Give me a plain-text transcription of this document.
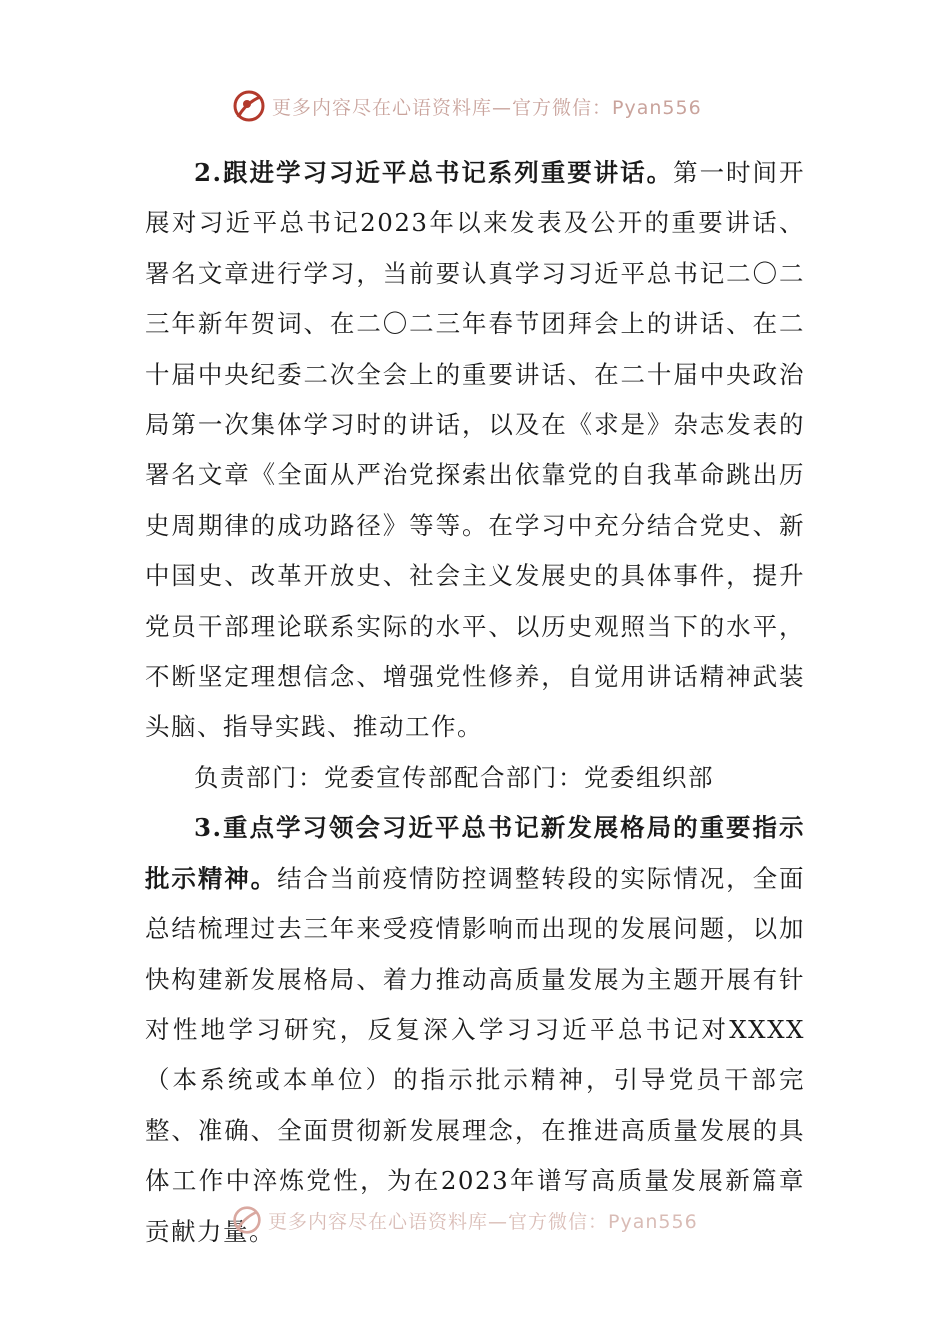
更多内容尽在心语资料库—官方微信：Pyan556

2.跟进学习习近平总书记系列重要讲话。第一时间开展对习近平总书记2023年以来发表及公开的重要讲话、署名文章进行学习，当前要认真学习习近平总书记二〇二三年新年贺词、在二〇二三年春节团拜会上的讲话、在二十届中央纪委二次全会上的重要讲话、在二十届中央政治局第一次集体学习时的讲话，以及在《求是》杂志发表的署名文章《全面从严治党探索出依靠党的自我革命跳出历史周期律的成功路径》等等。在学习中充分结合党史、新中国史、改革开放史、社会主义发展史的具体事件，提升党员干部理论联系实际的水平、以历史观照当下的水平，不断坚定理想信念、增强党性修养，自觉用讲话精神武装头脑、指导实践、推动工作。

负责部门：党委宣传部配合部门：党委组织部

3.重点学习领会习近平总书记新发展格局的重要指示批示精神。结合当前疫情防控调整转段的实际情况，全面总结梳理过去三年来受疫情影响而出现的发展问题，以加快构建新发展格局、着力推动高质量发展为主题开展有针对性地学习研究，反复深入学习习近平总书记对XXXX（本系统或本单位）的指示批示精神，引导党员干部完整、准确、全面贯彻新发展理念，在推进高质量发展的具体工作中淬炼党性，为在2023年谱写高质量发展新篇章贡献力量。

更多内容尽在心语资料库—官方微信：Pyan556
